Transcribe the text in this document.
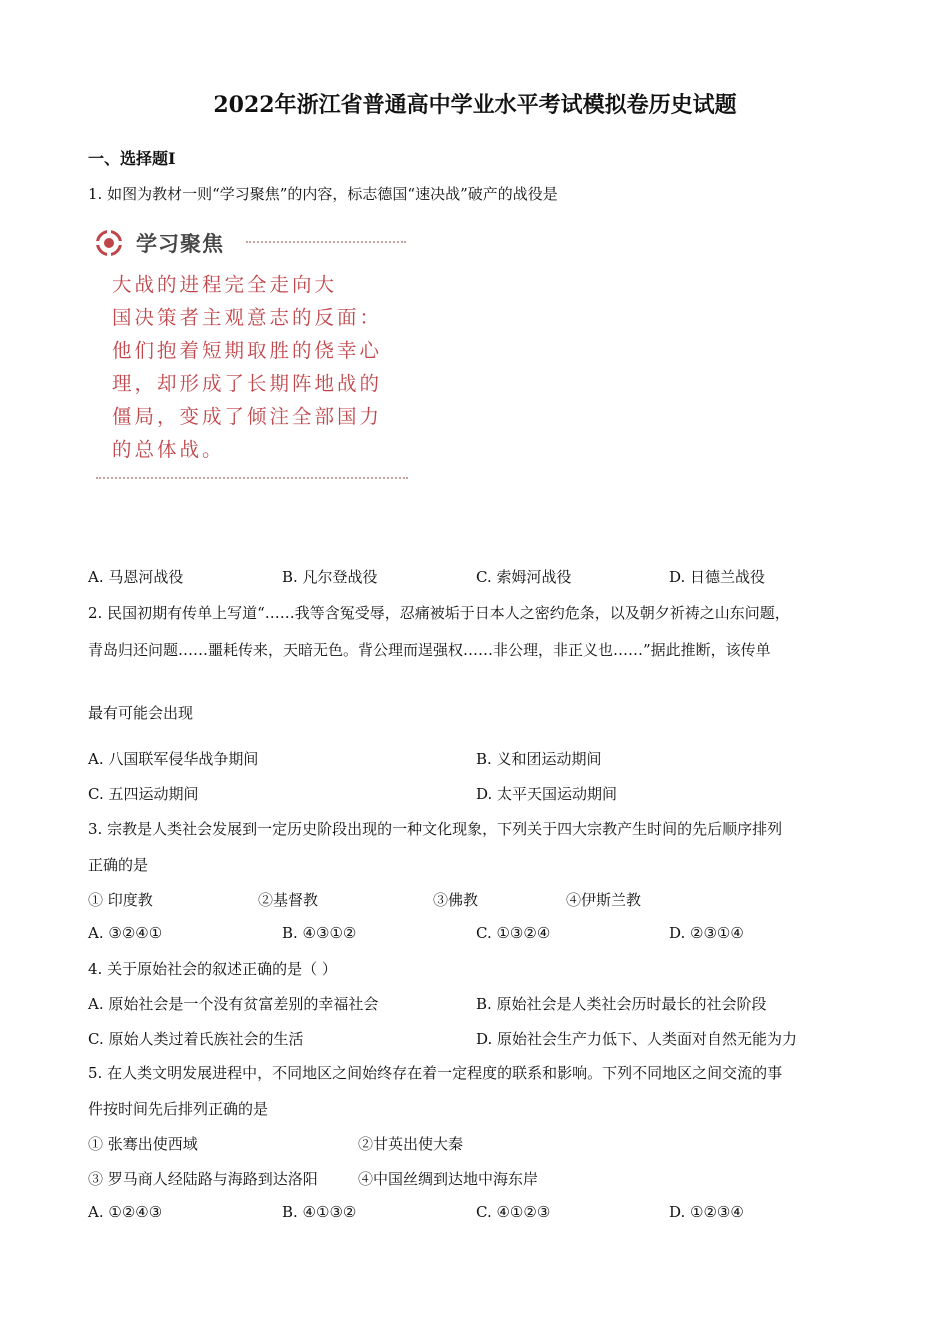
2022年浙江省普通高中学业水平考试模拟卷历史试题
一、选择题Ⅰ
1. 如图为教材一则“学习聚焦”的内容，标志德国“速决战”破产的战役是
学习聚焦
大战的进程完全走向大
国决策者主观意志的反面：
他们抱着短期取胜的侥幸心
理，却形成了长期阵地战的
僵局，变成了倾注全部国力
的总体战。
A. 马恩河战役	B. 凡尔登战役	C. 索姆河战役	D. 日德兰战役
2. 民国初期有传单上写道“……我等含冤受辱，忍痛被垢于日本人之密约危条，以及朝夕祈祷之山东问题，
青岛归还问题……噩耗传来，天暗无色。背公理而逞强权……非公理，非正义也……”据此推断，该传单
最有可能会出现
A. 八国联军侵华战争期间	B. 义和团运动期间
C. 五四运动期间	D. 太平天国运动期间
3. 宗教是人类社会发展到一定历史阶段出现的一种文化现象，下列关于四大宗教产生时间的先后顺序排列
正确的是
① 印度教	②基督教	③佛教	④伊斯兰教
A. ③②④①	B. ④③①②	C. ①③②④	D. ②③①④
4. 关于原始社会的叙述正确的是（ ）
A. 原始社会是一个没有贫富差别的幸福社会	B. 原始社会是人类社会历时最长的社会阶段
C. 原始人类过着氏族社会的生活	D. 原始社会生产力低下、人类面对自然无能为力
5. 在人类文明发展进程中，不同地区之间始终存在着一定程度的联系和影响。下列不同地区之间交流的事
件按时间先后排列正确的是
① 张骞出使西域	②甘英出使大秦
③ 罗马商人经陆路与海路到达洛阳	④中国丝绸到达地中海东岸
A. ①②④③	B. ④①③②	C. ④①②③	D. ①②③④
